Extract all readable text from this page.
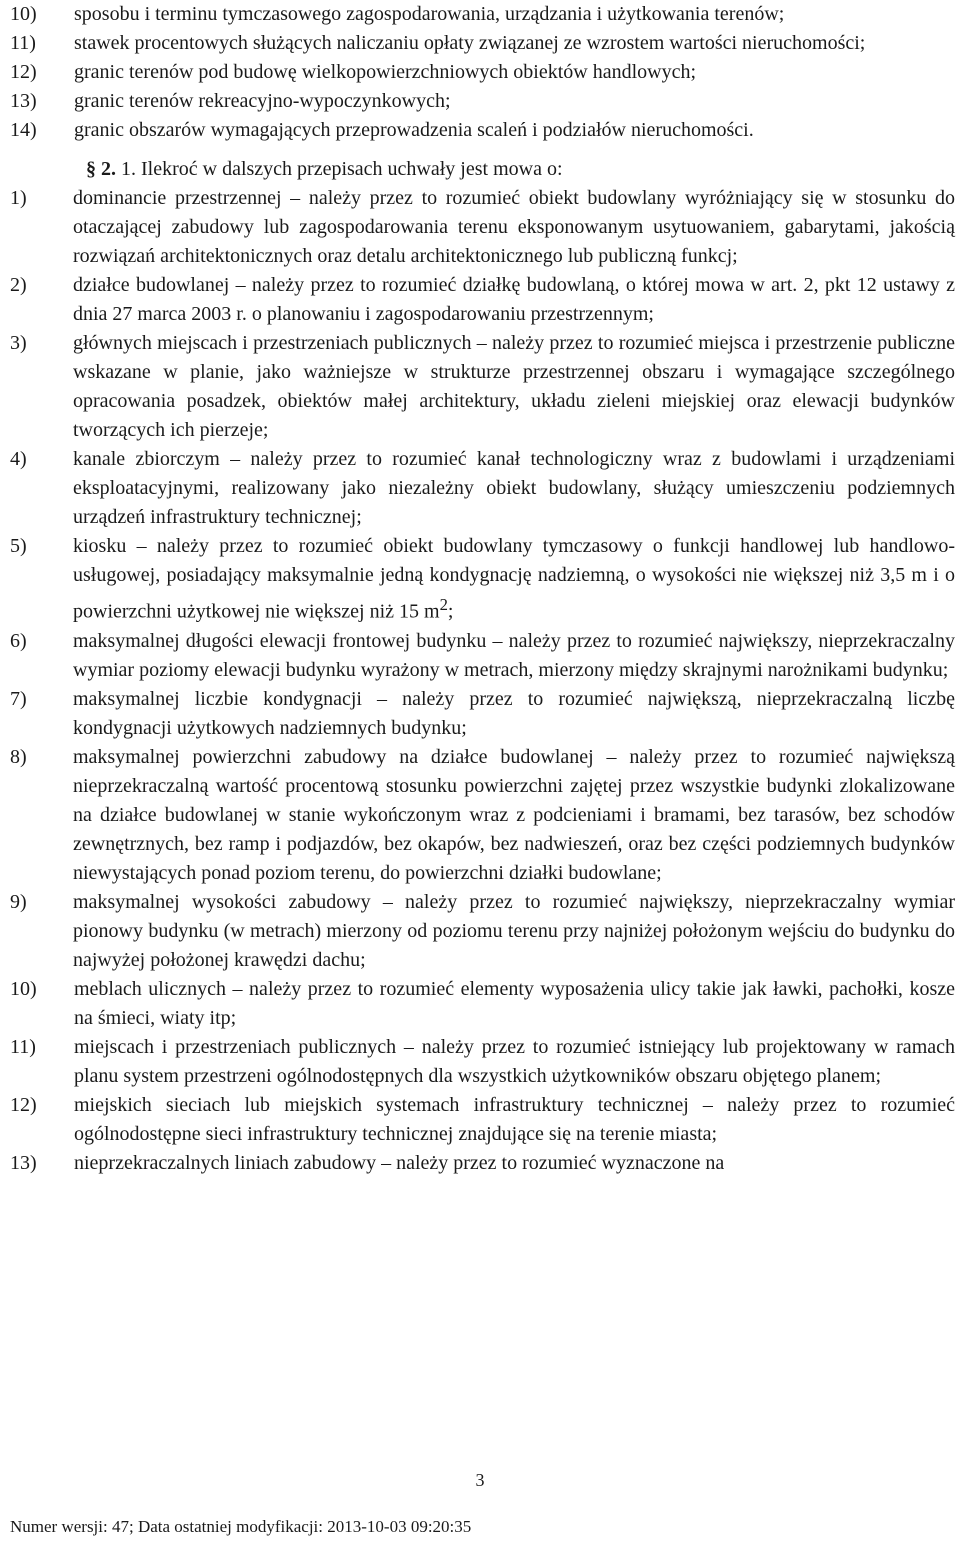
10)	sposobu i terminu tymczasowego zagospodarowania, urządzania i użytkowania terenów;
11)	stawek procentowych służących naliczaniu opłaty związanej ze wzrostem wartości nieruchomości;
12)	granic terenów pod budowę wielkopowierzchniowych obiektów handlowych;
13)	granic terenów rekreacyjno-wypoczynkowych;
14)	granic obszarów wymagających przeprowadzenia scaleń i podziałów nieruchomości.
§ 2. 1. Ilekroć w dalszych przepisach uchwały jest mowa o:
1)	dominancie przestrzennej – należy przez to rozumieć obiekt budowlany wyróżniający się w stosunku do otaczającej zabudowy lub zagospodarowania terenu eksponowanym usytuowaniem, gabarytami, jakością rozwiązań architektonicznych oraz detalu architektonicznego lub publiczną funkcj;
2)	działce budowlanej – należy przez to rozumieć działkę budowlaną, o której mowa w art. 2, pkt 12 ustawy z dnia 27 marca 2003 r. o planowaniu i zagospodarowaniu przestrzennym;
3)	głównych miejscach i przestrzeniach publicznych – należy przez to rozumieć miejsca i przestrzenie publiczne wskazane w planie, jako ważniejsze w strukturze przestrzennej obszaru i wymagające szczególnego opracowania posadzek, obiektów małej architektury, układu zieleni miejskiej oraz elewacji budynków tworzących ich pierzeje;
4)	kanale zbiorczym – należy przez to rozumieć kanał technologiczny wraz z budowlami i urządzeniami eksploatacyjnymi, realizowany jako niezależny obiekt budowlany, służący umieszczeniu podziemnych urządzeń infrastruktury technicznej;
5)	kiosku – należy przez to rozumieć obiekt budowlany tymczasowy o funkcji handlowej lub handlowo-usługowej, posiadający maksymalnie jedną kondygnację nadziemną, o wysokości nie większej niż 3,5 m i o powierzchni użytkowej nie większej niż 15 $m^2$;
6)	maksymalnej długości elewacji frontowej budynku – należy przez to rozumieć największy, nieprzekraczalny wymiar poziomy elewacji budynku wyrażony w metrach, mierzony między skrajnymi narożnikami budynku;
7)	maksymalnej liczbie kondygnacji – należy przez to rozumieć największą, nieprzekraczalną liczbę kondygnacji użytkowych nadziemnych budynku;
8)	maksymalnej powierzchni zabudowy na działce budowlanej – należy przez to rozumieć największą nieprzekraczalną wartość procentową stosunku powierzchni zajętej przez wszystkie budynki zlokalizowane na działce budowlanej w stanie wykończonym wraz z podcieniami i bramami, bez tarasów, bez schodów zewnętrznych, bez ramp i podjazdów, bez okapów, bez nadwieszeń, oraz bez części podziemnych budynków niewystających ponad poziom terenu, do powierzchni działki budowlane;
9)	maksymalnej wysokości zabudowy – należy przez to rozumieć największy, nieprzekraczalny wymiar pionowy budynku (w metrach) mierzony od poziomu terenu przy najniżej położonym wejściu do budynku do najwyżej położonej krawędzi dachu;
10)	meblach ulicznych – należy przez to rozumieć elementy wyposażenia ulicy takie jak ławki, pachołki, kosze na śmieci, wiaty itp;
11)	miejscach i przestrzeniach publicznych – należy przez to rozumieć istniejący lub projektowany w ramach planu system przestrzeni ogólnodostępnych dla wszystkich użytkowników obszaru objętego planem;
12)	miejskich sieciach lub miejskich systemach infrastruktury technicznej – należy przez to rozumieć ogólnodostępne sieci infrastruktury technicznej znajdujące się na terenie miasta;
13)	nieprzekraczalnych liniach zabudowy – należy przez to rozumieć wyznaczone na
3
Numer wersji: 47; Data ostatniej modyfikacji: 2013-10-03 09:20:35
